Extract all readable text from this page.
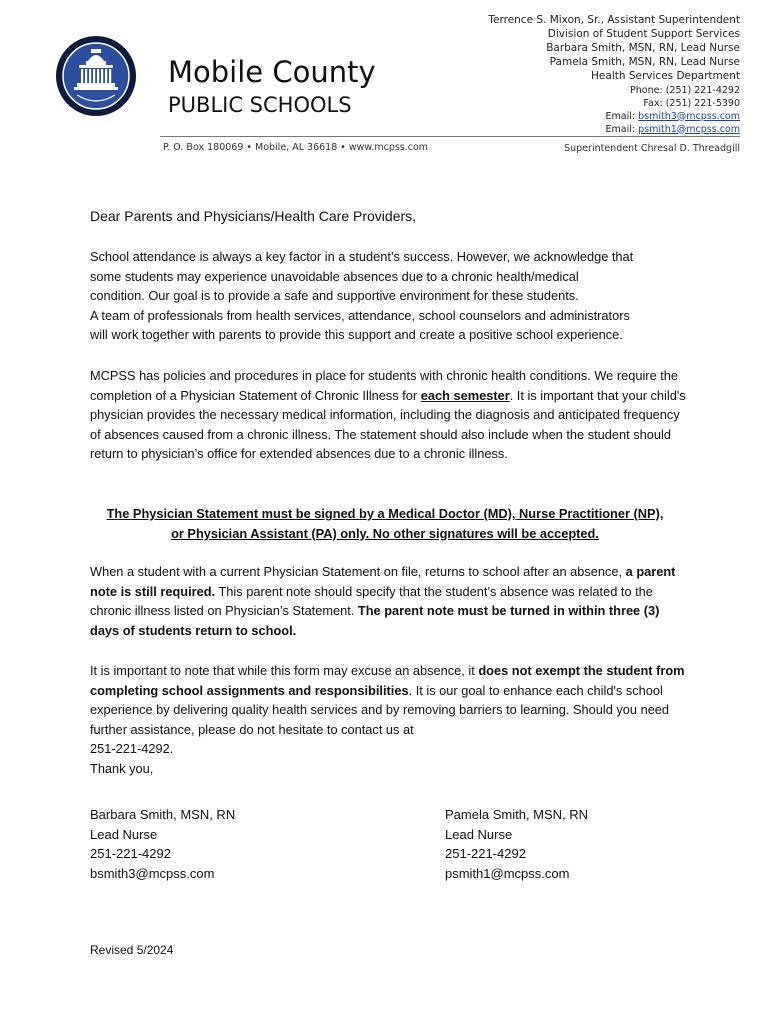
Mobile County
PUBLIC SCHOOLS
Terrence S. Mixon, Sr., Assistant Superintendent
Division of Student Support Services
Barbara Smith, MSN, RN, Lead Nurse
Pamela Smith, MSN, RN, Lead Nurse
Health Services Department
Phone: (251) 221-4292
Fax: (251) 221-5390
Email: bsmith3@mcpss.com
Email: psmith1@mcpss.com
P. O. Box 180069 • Mobile, AL 36618 • www.mcpss.com	Superintendent Chresal D. Threadgill
Dear Parents and Physicians/Health Care Providers,
School attendance is always a key factor in a student’s success. However, we acknowledge that
some students may experience unavoidable absences due to a chronic health/medical
condition. Our goal is to provide a safe and supportive environment for these students.
A team of professionals from health services, attendance, school counselors and administrators
will work together with parents to provide this support and create a positive school experience.
MCPSS has policies and procedures in place for students with chronic health conditions. We require the completion of a Physician Statement of Chronic Illness for each semester. It is important that your child's physician provides the necessary medical information, including the diagnosis and anticipated frequency of absences caused from a chronic illness. The statement should also include when the student should return to physician’s office for extended absences due to a chronic illness.
The Physician Statement must be signed by a Medical Doctor (MD), Nurse Practitioner (NP),
or Physician Assistant (PA) only. No other signatures will be accepted.
When a student with a current Physician Statement on file, returns to school after an absence, a parent note is still required. This parent note should specify that the student’s absence was related to the chronic illness listed on Physician’s Statement. The parent note must be turned in within three (3) days of students return to school.
It is important to note that while this form may excuse an absence, it does not exempt the student from completing school assignments and responsibilities. It is our goal to enhance each child's school experience by delivering quality health services and by removing barriers to learning. Should you need further assistance, please do not hesitate to contact us at
251-221-4292.
Thank you,
Barbara Smith, MSN, RN
Lead Nurse
251-221-4292
bsmith3@mcpss.com
Pamela Smith, MSN, RN
Lead Nurse
251-221-4292
psmith1@mcpss.com
Revised 5/2024
